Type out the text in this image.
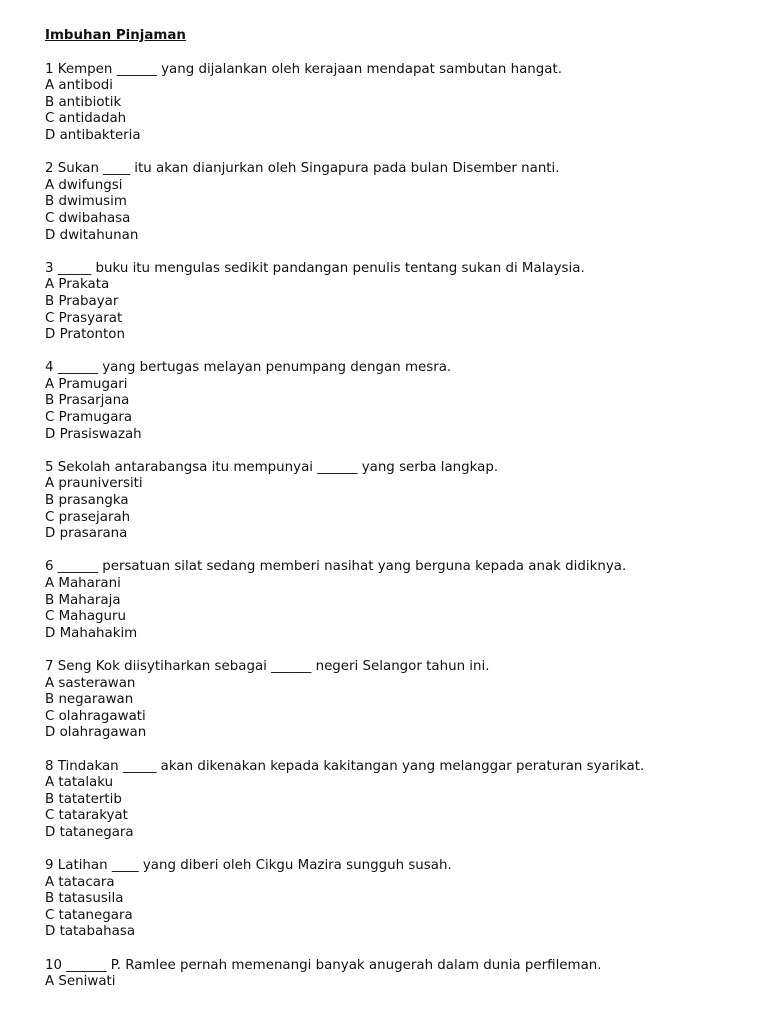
Imbuhan Pinjaman
1 Kempen ______ yang dijalankan oleh kerajaan mendapat sambutan hangat.
A antibodi
B antibiotik
C antidadah
D antibakteria
2 Sukan ____ itu akan dianjurkan oleh Singapura pada bulan Disember nanti.
A dwifungsi
B dwimusim
C dwibahasa
D dwitahunan
3 _____ buku itu mengulas sedikit pandangan penulis tentang sukan di Malaysia.
A Prakata
B Prabayar
C Prasyarat
D Pratonton
4 ______ yang bertugas melayan penumpang dengan mesra.
A Pramugari
B Prasarjana
C Pramugara
D Prasiswazah
5 Sekolah antarabangsa itu mempunyai ______ yang serba langkap.
A prauniversiti
B prasangka
C prasejarah
D prasarana
6 ______ persatuan silat sedang memberi nasihat yang berguna kepada anak didiknya.
A Maharani
B Maharaja
C Mahaguru
D Mahahakim
7 Seng Kok diisytiharkan sebagai ______ negeri Selangor tahun ini.
A sasterawan
B negarawan
C olahragawati
D olahragawan
8 Tindakan _____ akan dikenakan kepada kakitangan yang melanggar peraturan syarikat.
A tatalaku
B tatatertib
C tatarakyat
D tatanegara
9 Latihan ____ yang diberi oleh Cikgu Mazira sungguh susah.
A tatacara
B tatasusila
C tatanegara
D tatabahasa
10 ______ P. Ramlee pernah memenangi banyak anugerah dalam dunia perfileman.
A Seniwati
